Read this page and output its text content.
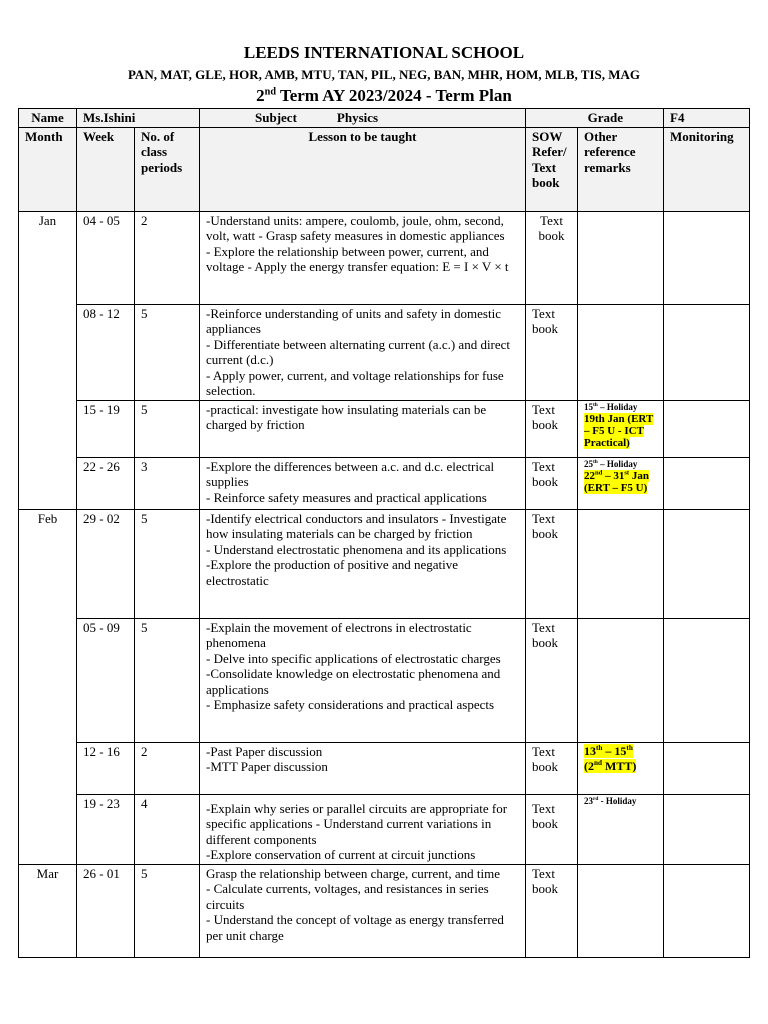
LEEDS INTERNATIONAL SCHOOL
PAN, MAT, GLE, HOR, AMB, MTU, TAN, PIL, NEG, BAN, MHR, HOM, MLB, TIS, MAG
2nd Term AY 2023/2024 - Term Plan
Name	Ms.Ishini		Subject Physics	Grade		F4
Month	Week	No. of class periods	Lesson to be taught	SOW Refer/ Text book	Other reference remarks	Monitoring
Jan	04 - 05	2	-Understand units: ampere, coulomb, joule, ohm, second, volt, watt - Grasp safety measures in domestic appliances
- Explore the relationship between power, current, and voltage - Apply the energy transfer equation: E = I × V × t	Text book		
	08 - 12	5	-Reinforce understanding of units and safety in domestic appliances
- Differentiate between alternating current (a.c.) and direct current (d.c.)
- Apply power, current, and voltage relationships for fuse selection.	Text book		
	15 - 19	5	-practical: investigate how insulating materials can be charged by friction	Text book	15th – Holiday
19th Jan (ERT – F5 U - ICT Practical)	
	22 - 26	3	-Explore the differences between a.c. and d.c. electrical supplies
- Reinforce safety measures and practical applications	Text book	25th – Holiday
22nd – 31st Jan (ERT – F5 U)	
Feb	29 - 02	5	-Identify electrical conductors and insulators - Investigate how insulating materials can be charged by friction
- Understand electrostatic phenomena and its applications
-Explore the production of positive and negative electrostatic	Text book		
	05 - 09	5	-Explain the movement of electrons in electrostatic phenomena
- Delve into specific applications of electrostatic charges
-Consolidate knowledge on electrostatic phenomena and applications
- Emphasize safety considerations and practical aspects	Text book		
	12 - 16	2	-Past Paper discussion
-MTT Paper discussion	Text book	13th – 15th
(2nd MTT)	
	19 - 23	4	-Explain why series or parallel circuits are appropriate for specific applications - Understand current variations in different components
-Explore conservation of current at circuit junctions	Text book	23rd - Holiday	

Mar	26 - 01	5	Grasp the relationship between charge, current, and time
- Calculate currents, voltages, and resistances in series circuits
- Understand the concept of voltage as energy transferred per unit charge	Text book		
